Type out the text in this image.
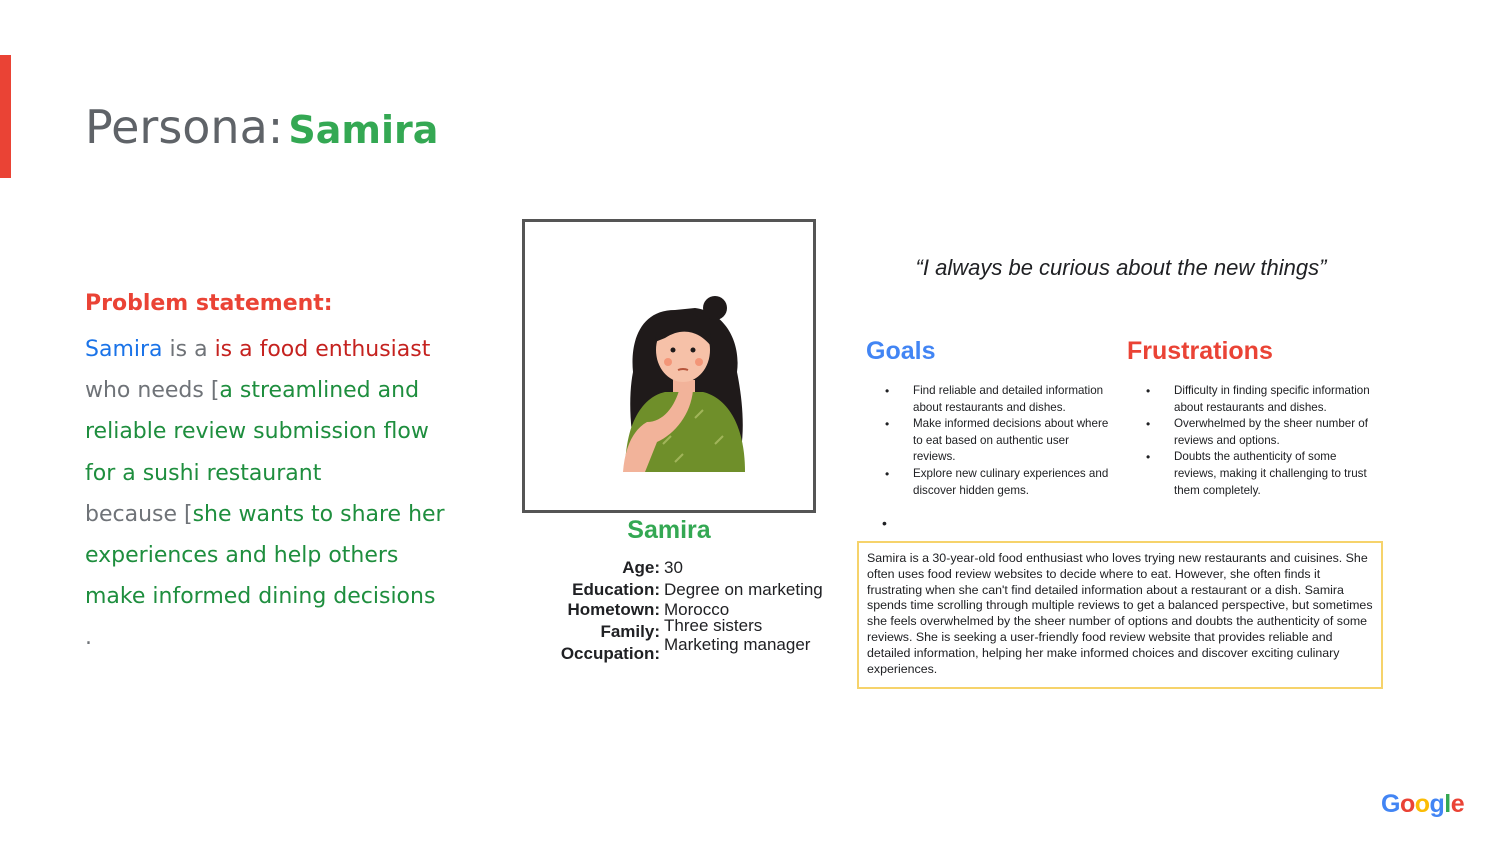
Persona: Samira
Problem statement:
Samira is a is a food enthusiast
who needs [a streamlined and
reliable review submission flow
for a sushi restaurant
because [she wants to share her
experiences and help others
make informed dining decisions
.
Samira
Age: 30
Education: Degree on marketing
Hometown: Morocco
Family: Three sisters
Occupation: Marketing manager
“I always be curious about the new things”
Goals
• Find reliable and detailed information about restaurants and dishes.
• Make informed decisions about where to eat based on authentic user reviews.
• Explore new culinary experiences and discover hidden gems.
•
Frustrations
• Difficulty in finding specific information about restaurants and dishes.
• Overwhelmed by the sheer number of reviews and options.
• Doubts the authenticity of some reviews, making it challenging to trust them completely.
Samira is a 30-year-old food enthusiast who loves trying new restaurants and cuisines. She often uses food review websites to decide where to eat. However, she often finds it frustrating when she can't find detailed information about a restaurant or a dish. Samira spends time scrolling through multiple reviews to get a balanced perspective, but sometimes she feels overwhelmed by the sheer number of options and doubts the authenticity of some reviews. She is seeking a user-friendly food review website that provides reliable and detailed information, helping her make informed choices and discover exciting culinary experiences.
Google
